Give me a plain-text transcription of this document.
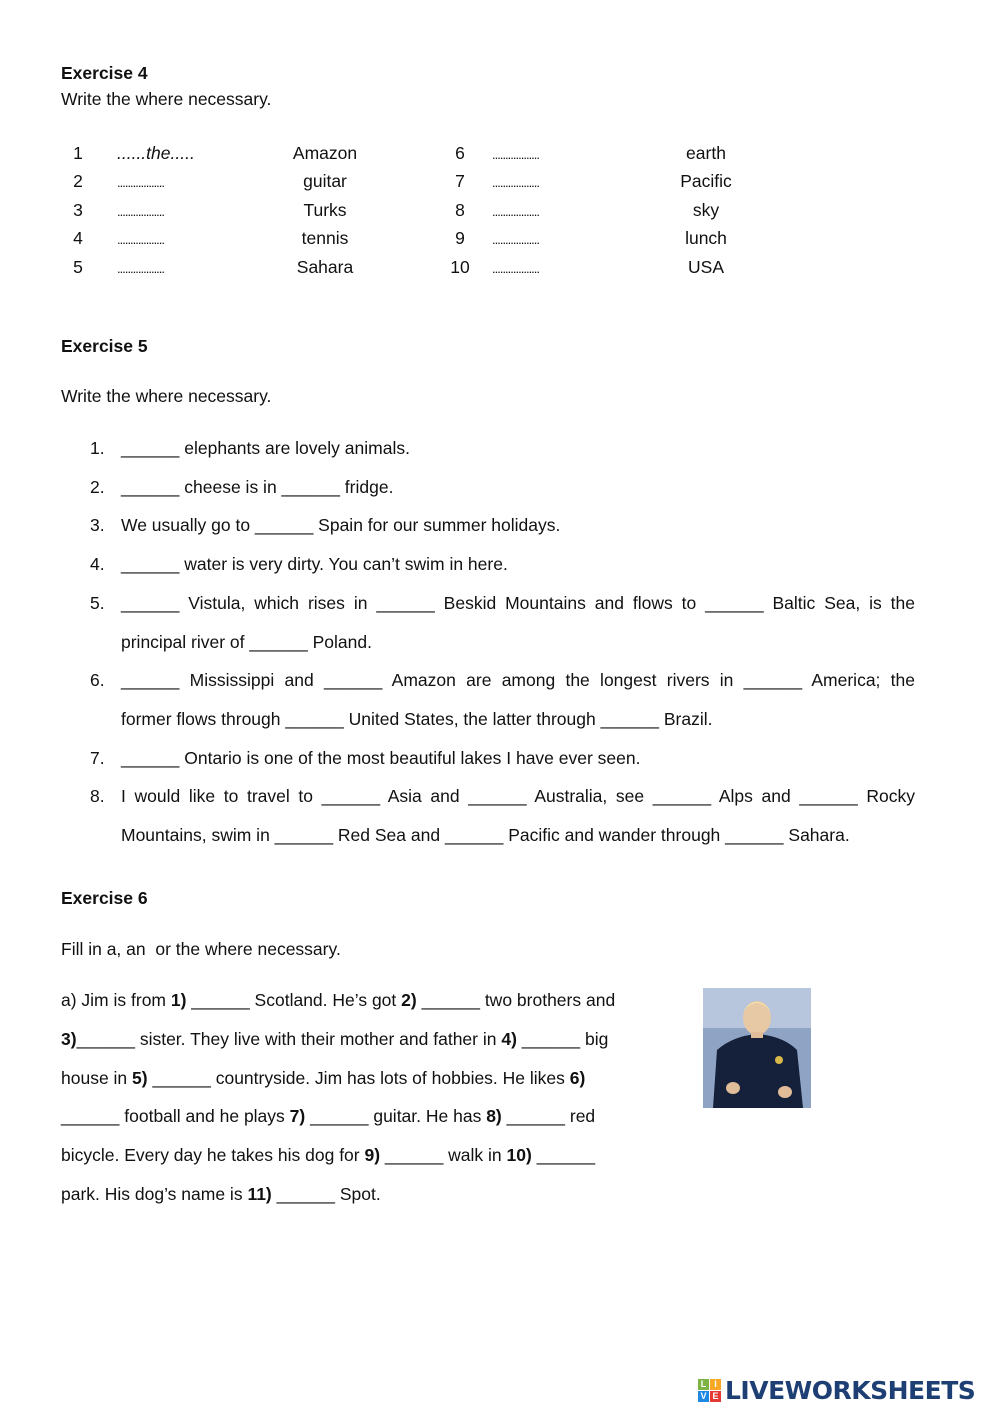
Exercise 4
Write the where necessary.
1 ......the.....	Amazon	6 ..................	earth
2	..................	guitar	7 ..................	Pacific
3	..................	Turks	8 ..................	sky
4	..................	tennis	9 ..................	lunch
5	..................	Sahara	10 ..................	USA
Exercise 5
Write the where necessary.
1. ______ elephants are lovely animals.
2. ______ cheese is in ______ fridge.
3. We usually go to ______ Spain for our summer holidays.
4. ______ water is very dirty. You can’t swim in here.
5. ______ Vistula, which rises in ______ Beskid Mountains and flows to ______ Baltic Sea, is the
principal river of ______ Poland.
6. ______ Mississippi and ______ Amazon are among the longest rivers in ______ America; the
former flows through ______ United States, the latter through ______ Brazil.
7. ______ Ontario is one of the most beautiful lakes I have ever seen.
8. I would like to travel to ______ Asia and ______ Australia, see ______ Alps and ______ Rocky
Mountains, swim in ______ Red Sea and ______ Pacific and wander through ______ Sahara.
Exercise 6
Fill in a, an  or the where necessary.
a) Jim is from 1) ______ Scotland. He’s got 2) ______ two brothers and
3)______ sister. They live with their mother and father in 4) ______ big
house in 5) ______ countryside. Jim has lots of hobbies. He likes 6)
______ football and he plays 7) ______ guitar. He has 8) ______ red
bicycle. Every day he takes his dog for 9) ______ walk in 10) ______
park. His dog’s name is 11) ______ Spot.
L I
V E LIVEWORKSHEETS
